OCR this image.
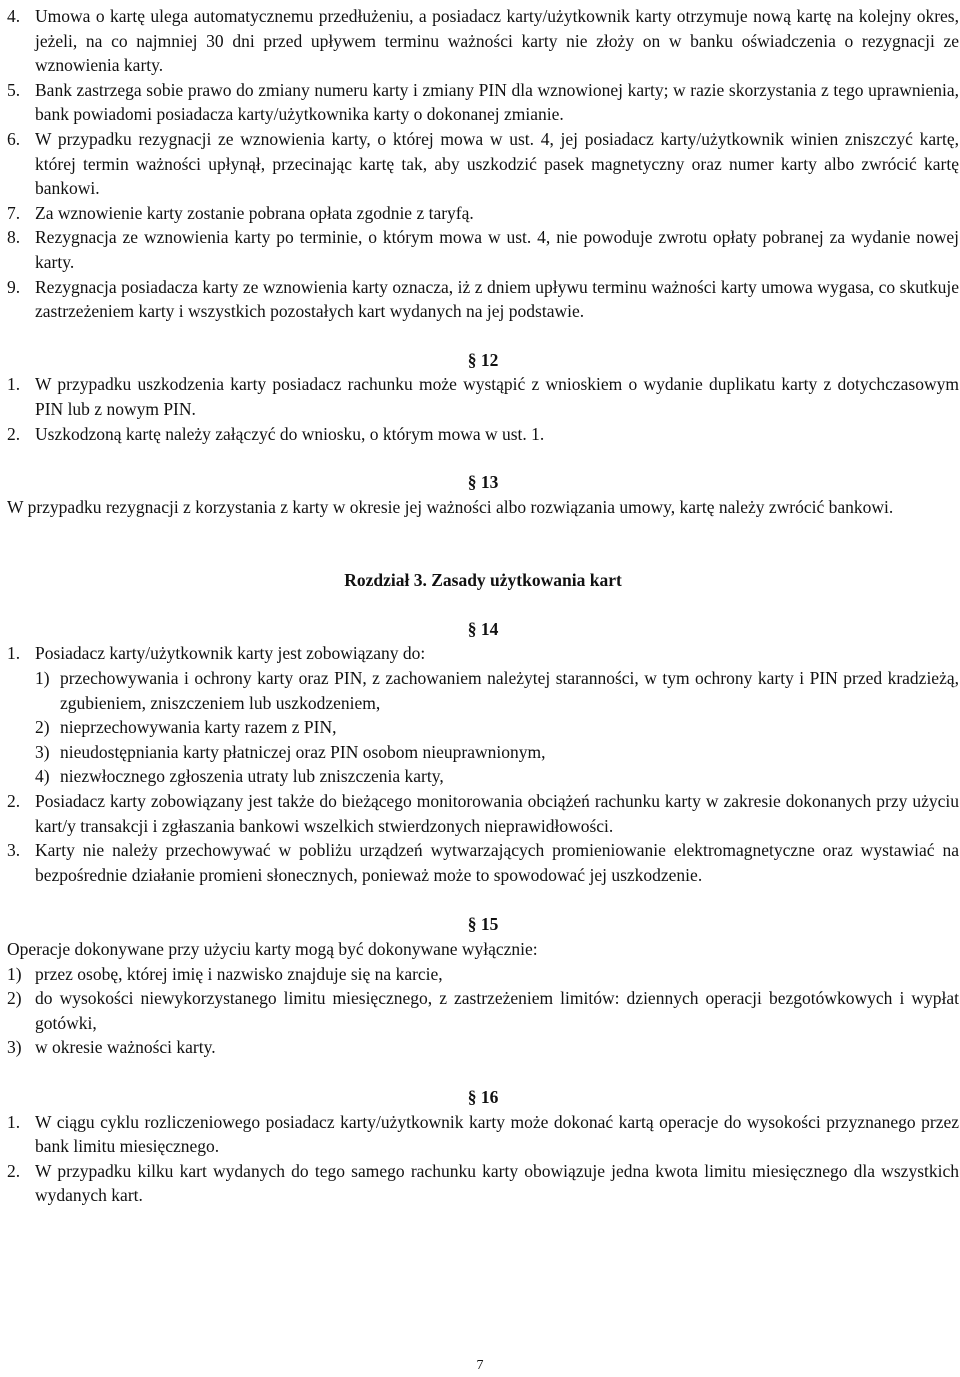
4. Umowa o kartę ulega automatycznemu przedłużeniu, a posiadacz karty/użytkownik karty otrzymuje nową kartę na kolejny okres, jeżeli, na co najmniej 30 dni przed upływem terminu ważności karty nie złoży on w banku oświadczenia o rezygnacji ze wznowienia karty.
5. Bank zastrzega sobie prawo do zmiany numeru karty i zmiany PIN dla wznowionej karty; w razie skorzystania z tego uprawnienia, bank powiadomi posiadacza karty/użytkownika karty o dokonanej zmianie.
6. W przypadku rezygnacji ze wznowienia karty, o której mowa w ust. 4, jej posiadacz karty/użytkownik winien zniszczyć kartę, której termin ważności upłynął, przecinając kartę tak, aby uszkodzić pasek magnetyczny oraz numer karty albo zwrócić kartę bankowi.
7. Za wznowienie karty zostanie pobrana opłata zgodnie z taryfą.
8. Rezygnacja ze wznowienia karty po terminie, o którym mowa w ust. 4, nie powoduje zwrotu opłaty pobranej za wydanie nowej karty.
9. Rezygnacja posiadacza karty ze wznowienia karty oznacza, iż z dniem upływu terminu ważności karty umowa wygasa, co skutkuje zastrzeżeniem karty i wszystkich pozostałych kart wydanych na jej podstawie.
§ 12
1. W przypadku uszkodzenia karty posiadacz rachunku może wystąpić z wnioskiem o wydanie duplikatu karty z dotychczasowym PIN lub z nowym PIN.
2. Uszkodzoną kartę należy załączyć do wniosku, o którym mowa w ust. 1.
§ 13
W przypadku rezygnacji z korzystania z karty w okresie jej ważności albo rozwiązania umowy, kartę należy zwrócić bankowi.
Rozdział 3. Zasady użytkowania kart
§ 14
1. Posiadacz karty/użytkownik karty jest zobowiązany do:
1) przechowywania i ochrony karty oraz PIN, z zachowaniem należytej staranności, w tym ochrony karty i PIN przed kradzieżą, zgubieniem, zniszczeniem lub uszkodzeniem,
2) nieprzechowywania karty razem z PIN,
3) nieudostępniania karty płatniczej oraz PIN osobom nieuprawnionym,
4) niezwłocznego zgłoszenia utraty lub zniszczenia karty,
2. Posiadacz karty zobowiązany jest także do bieżącego monitorowania obciążeń rachunku karty w zakresie dokonanych przy użyciu kart/y transakcji i zgłaszania bankowi wszelkich stwierdzonych nieprawidłowości.
3. Karty nie należy przechowywać w pobliżu urządzeń wytwarzających promieniowanie elektromagnetyczne oraz wystawiać na bezpośrednie działanie promieni słonecznych, ponieważ może to spowodować jej uszkodzenie.
§ 15
Operacje dokonywane przy użyciu karty mogą być dokonywane wyłącznie:
1) przez osobę, której imię i nazwisko znajduje się na karcie,
2) do wysokości niewykorzystanego limitu miesięcznego, z zastrzeżeniem limitów: dziennych operacji bezgotówkowych i wypłat gotówki,
3) w okresie ważności karty.
§ 16
1. W ciągu cyklu rozliczeniowego posiadacz karty/użytkownik karty może dokonać kartą operacje do wysokości przyznanego przez bank limitu miesięcznego.
2. W przypadku kilku kart wydanych do tego samego rachunku karty obowiązuje jedna kwota limitu miesięcznego dla wszystkich wydanych kart.
7
